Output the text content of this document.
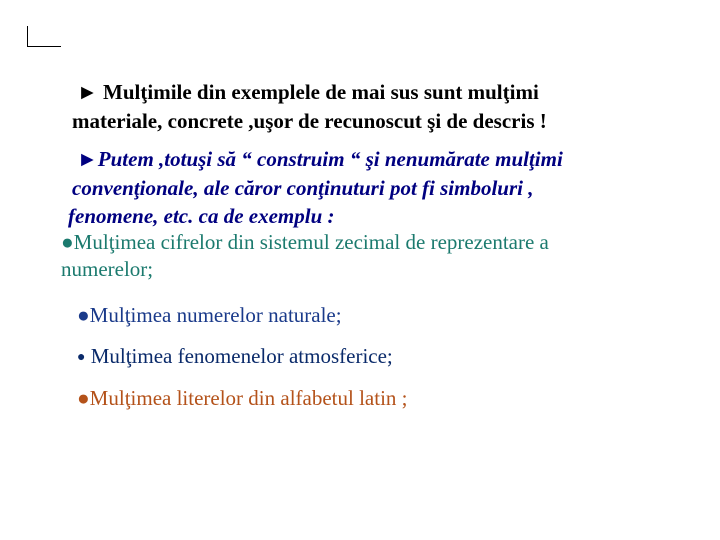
► Mulţimile din exemplele de mai sus sunt mulţimi

materiale, concrete ,uşor de recunoscut şi de descris !

►Putem ,totuşi să “ construim “ şi nenumărate mulţimi

convenţionale, ale căror conţinuturi pot fi simboluri ,

fenomene, etc. ca de exemplu :

●Mulţimea cifrelor din sistemul zecimal de reprezentare a

numerelor;

●Mulţimea numerelor naturale;

● Mulţimea fenomenelor atmosferice;

●Mulţimea literelor din alfabetul latin ;
